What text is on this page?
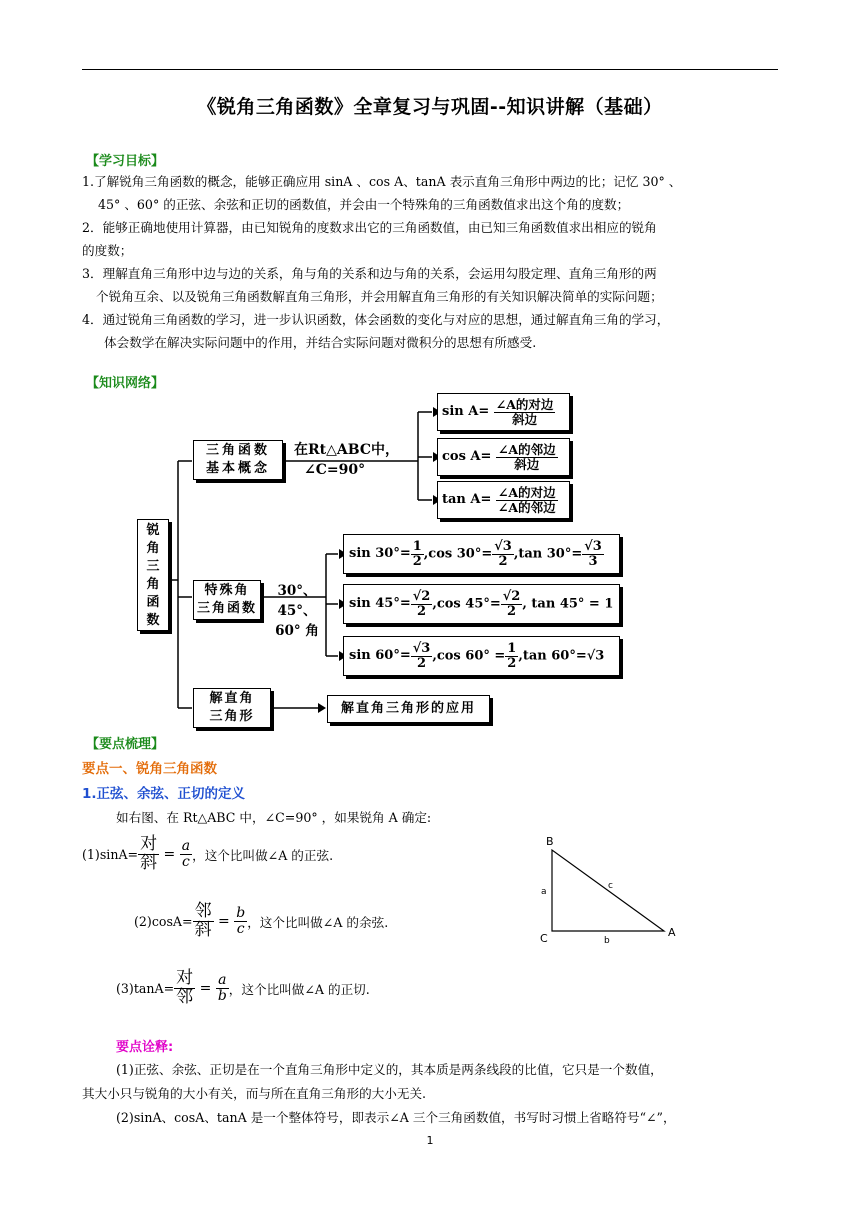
《锐角三角函数》全章复习与巩固--知识讲解（基础）
【学习目标】
1.了解锐角三角函数的概念，能够正确应用 sinA 、cos A、tanA 表示直角三角形中两边的比；记忆 30° 、
45° 、60° 的正弦、余弦和正切的函数值，并会由一个特殊角的三角函数值求出这个角的度数；
2．能够正确地使用计算器，由已知锐角的度数求出它的三角函数值，由已知三角函数值求出相应的锐角
的度数；
3．理解直角三角形中边与边的关系，角与角的关系和边与角的关系，会运用勾股定理、直角三角形的两
个锐角互余、以及锐角三角函数解直角三角形，并会用解直角三角形的有关知识解决简单的实际问题；
4．通过锐角三角函数的学习，进一步认识函数，体会函数的变化与对应的思想，通过解直角三角的学习，
体会数学在解决实际问题中的作用，并结合实际问题对微积分的思想有所感受.
【知识网络】
锐
角
三
角
函
数
三角函数
基本概念
在Rt△ABC中，
∠C=90°
$\sin A= \frac{\text{∠A的对边}}{\text{斜边}}$
$\cos A= \frac{\text{∠A的邻边}}{\text{斜边}}$
$\tan A= \frac{\text{∠A的对边}}{\text{∠A的邻边}}$
特殊角
三角函数
30°、45°、
60° 角
$\sin 30^\circ= \frac{1}{2} ,\cos$ $30^\circ= \frac{√3}{2} ,\tan$ $30^\circ= \frac{√3}{3}$
$\sin 45^\circ= \frac{√2}{2} ,\cos$ $45^\circ= \frac{√2}{2}$ , tan 45° = 1
$\sin 60^\circ= \frac{√3}{2} ,\cos$ $60^\circ = \frac{1}{2} ,\tan$ 60°=√3
解直角
三角形
解直角三角形的应用
【要点梳理】
要点一、锐角三角函数
1.正弦、余弦、正切的定义
如右图、在 Rt△ABC 中，∠C=90° ，如果锐角 A 确定:
$(1)\sin A= \frac{\text{对}}{\text{斜}} = \frac{a}{c}$ ，这个比叫做∠A 的正弦.
$(2)\cos A= \frac{\text{邻}}{\text{斜}} = \frac{b}{c}$ ，这个比叫做∠A 的余弦.
$(3)\tan A= \frac{\text{对}}{\text{邻}} = \frac{a}{b}$ ，这个比叫做∠A 的正切.
B
C	A
a
b
c
要点诠释:
(1)正弦、余弦、正切是在一个直角三角形中定义的，其本质是两条线段的比值，它只是一个数值，
其大小只与锐角的大小有关，而与所在直角三角形的大小无关.
(2)sinA、cosA、tanA 是一个整体符号，即表示∠A 三个三角函数值，书写时习惯上省略符号“∠”，
1
